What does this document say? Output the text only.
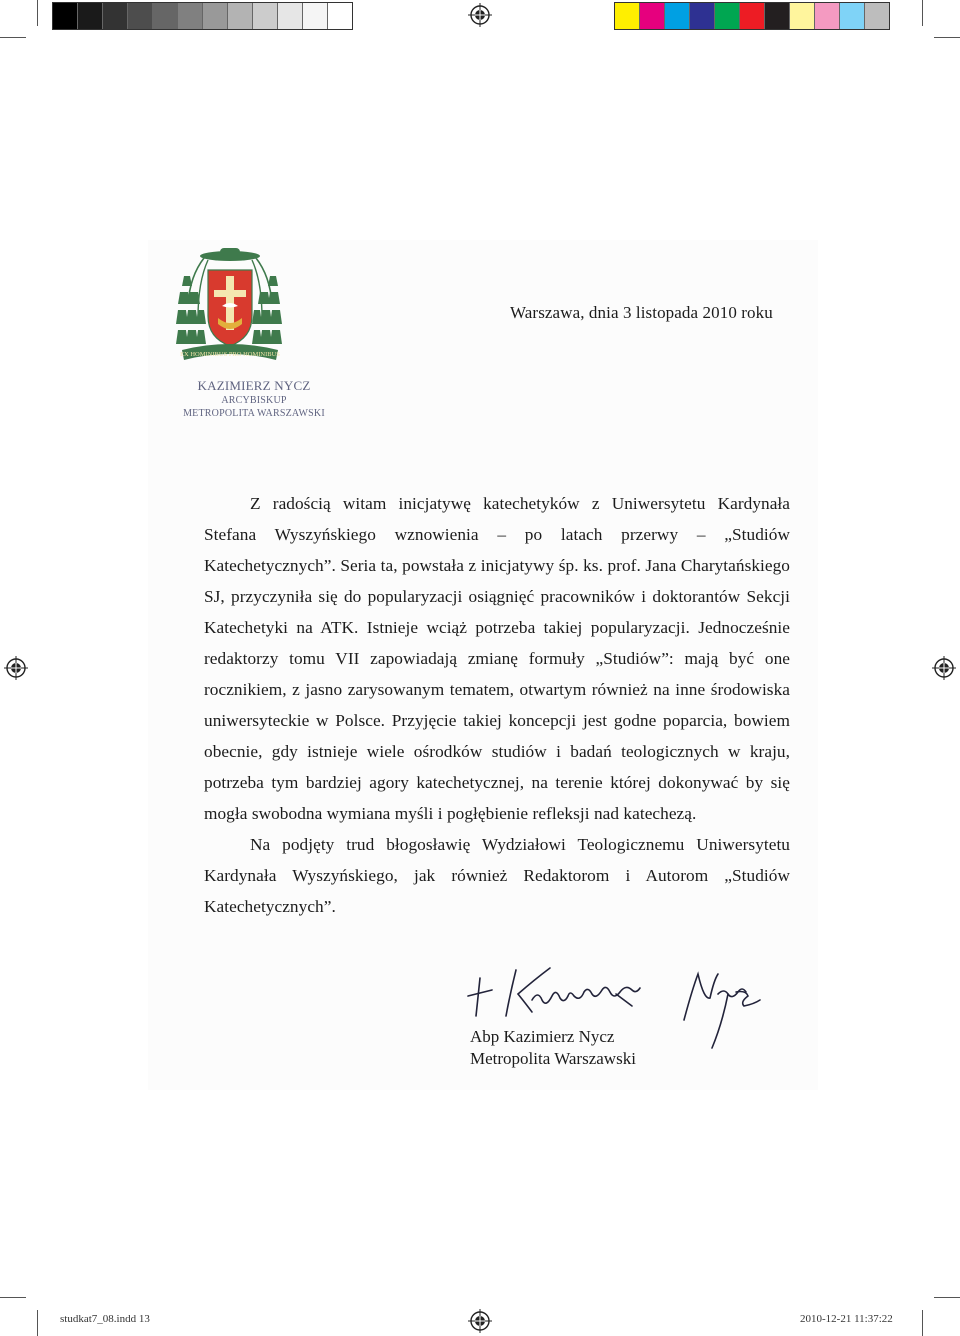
EX HOMINIBUS PRO HOMINIBUS
KAZIMIERZ NYCZ
ARCYBISKUP
METROPOLITA WARSZAWSKI
Warszawa, dnia 3 listopada 2010 roku

Z radością witam inicjatywę katechetyków z Uniwersytetu Kardynała Stefana Wyszyńskiego wznowienia – po latach przerwy – „Studiów Katechetycznych”. Seria ta, powstała z inicjatywy śp. ks. prof. Jana Charytańskiego SJ, przyczyniła się do popularyzacji osiągnięć pracowników i doktorantów Sekcji Katechetyki na ATK. Istnieje wciąż potrzeba takiej popularyzacji. Jednocześnie redaktorzy tomu VII zapowiadają zmianę formuły „Studiów”: mają być one rocznikiem, z jasno zarysowanym tematem, otwartym również na inne środowiska uniwersyteckie w Polsce. Przyjęcie takiej koncepcji jest godne poparcia, bowiem obecnie, gdy istnieje wiele ośrodków studiów i badań teologicznych w kraju, potrzeba tym bardziej agory katechetycznej, na terenie której dokonywać by się mogła swobodna wymiana myśli i pogłębienie refleksji nad katechezą.

Na podjęty trud błogosławię Wydziałowi Teologicznemu Uniwersytetu Kardynała Wyszyńskiego, jak również Redaktorom i Autorom „Studiów Katechetycznych”.

Abp Kazimierz Nycz
Metropolita Warszawski
studkat7_08.indd 13	2010-12-21 11:37:22
